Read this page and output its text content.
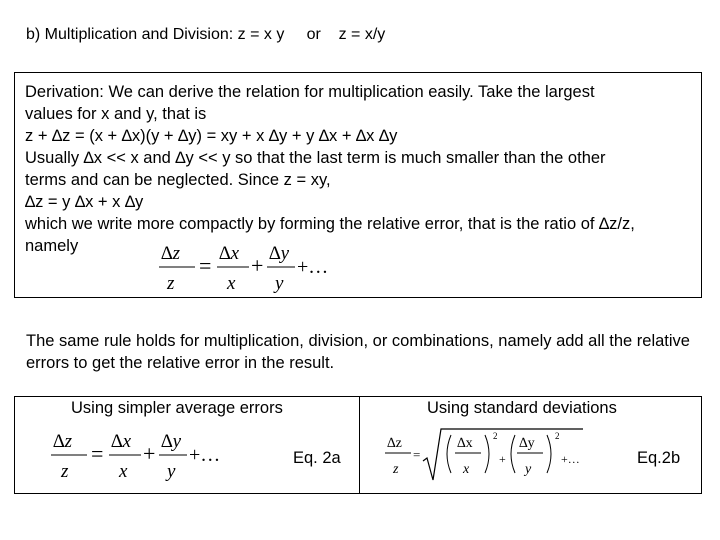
b) Multiplication and Division: z = x y or z = x/y
Derivation: We can derive the relation for multiplication easily. Take the largest
values for x and y, that is
z + ∆z = (x + ∆x)(y + ∆y) = xy + x ∆y + y ∆x + ∆x ∆y
Usually ∆x << x and ∆y << y so that the last term is much smaller than the other
terms and can be neglected. Since z = xy,
∆z = y ∆x + x ∆y
which we write more compactly by forming the relative error, that is the ratio of ∆z/z,
namely	∆z
z
= ∆x
x
+ ∆y
y
+…
The same rule holds for multiplication, division, or combinations, namely add all the relative errors to get the relative error in the result.
Using simpler average errors	Using standard deviations
∆z
z
= ∆x
x
+ ∆y
y
+…	Eq. 2a
∆z
z
=
∆x
x
2
+
∆y
y
2
+…	Eq.2b
